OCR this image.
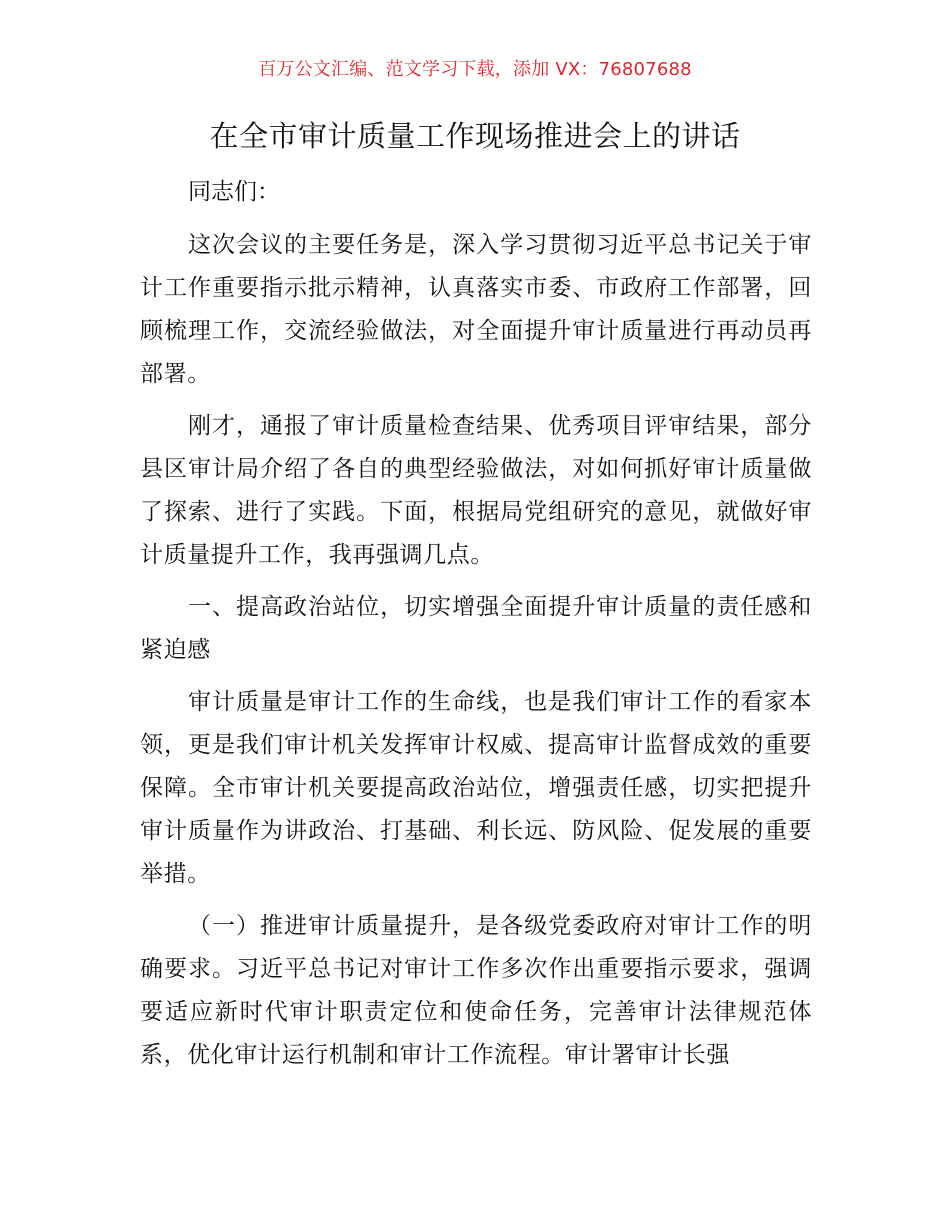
百万公文汇编、范文学习下载，添加 VX：76807688
在全市审计质量工作现场推进会上的讲话

同志们：

这次会议的主要任务是，深入学习贯彻习近平总书记关于审计工作重要指示批示精神，认真落实市委、市政府工作部署，回顾梳理工作，交流经验做法，对全面提升审计质量进行再动员再部署。

刚才，通报了审计质量检查结果、优秀项目评审结果，部分县区审计局介绍了各自的典型经验做法，对如何抓好审计质量做了探索、进行了实践。下面，根据局党组研究的意见，就做好审计质量提升工作，我再强调几点。

一、提高政治站位，切实增强全面提升审计质量的责任感和紧迫感

审计质量是审计工作的生命线，也是我们审计工作的看家本领，更是我们审计机关发挥审计权威、提高审计监督成效的重要保障。全市审计机关要提高政治站位，增强责任感，切实把提升审计质量作为讲政治、打基础、利长远、防风险、促发展的重要举措。

（一）推进审计质量提升，是各级党委政府对审计工作的明确要求。习近平总书记对审计工作多次作出重要指示要求，强调要适应新时代审计职责定位和使命任务，完善审计法律规范体系，优化审计运行机制和审计工作流程。审计署审计长强
